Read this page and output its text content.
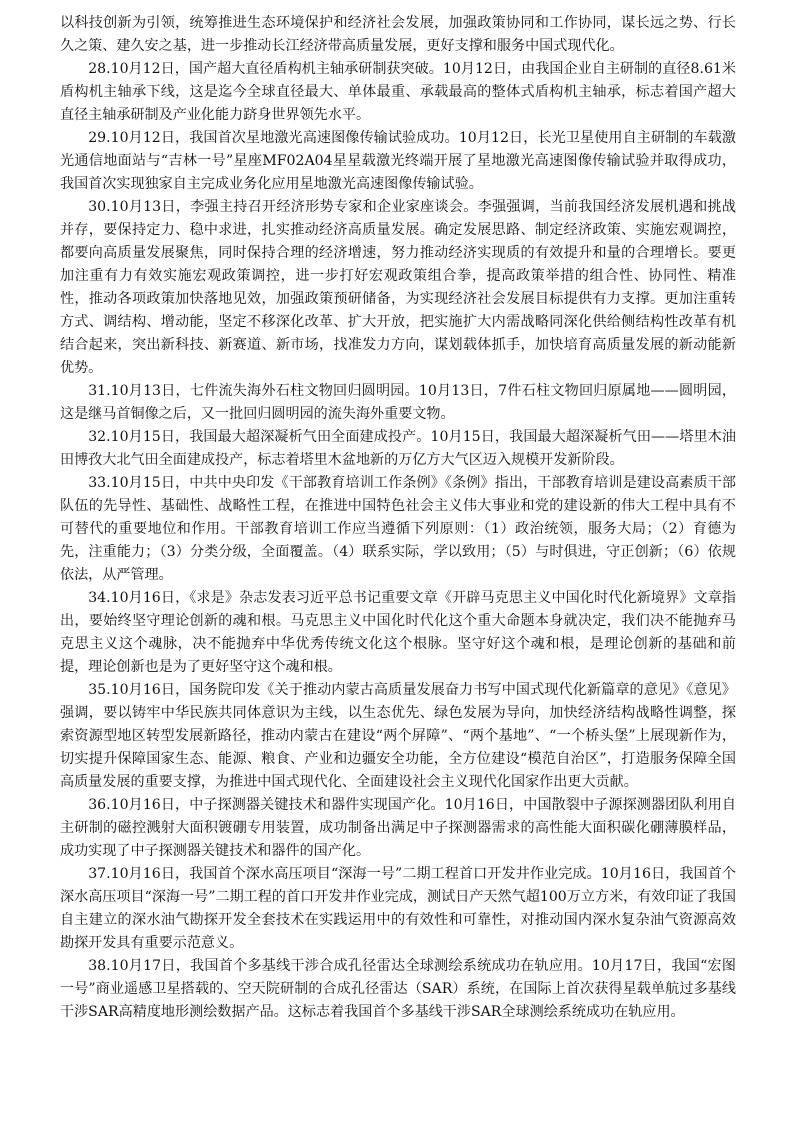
以科技创新为引领，统筹推进生态环境保护和经济社会发展，加强政策协同和工作协同，谋长远之势、行长久之策、建久安之基，进一步推动长江经济带高质量发展，更好支撑和服务中国式现代化。

28.10月12日，国产超大直径盾构机主轴承研制获突破。10月12日，由我国企业自主研制的直径8.61米盾构机主轴承下线，这是迄今全球直径最大、单体最重、承载最高的整体式盾构机主轴承，标志着国产超大直径主轴承研制及产业化能力跻身世界领先水平。

29.10月12日，我国首次星地激光高速图像传输试验成功。10月12日，长光卫星使用自主研制的车载激光通信地面站与“吉林一号”星座MF02A04星星载激光终端开展了星地激光高速图像传输试验并取得成功，我国首次实现独家自主完成业务化应用星地激光高速图像传输试验。

30.10月13日，李强主持召开经济形势专家和企业家座谈会。李强强调，当前我国经济发展机遇和挑战并存，要保持定力、稳中求进，扎实推动经济高质量发展。确定发展思路、制定经济政策、实施宏观调控，都要向高质量发展聚焦，同时保持合理的经济增速，努力推动经济实现质的有效提升和量的合理增长。要更加注重有力有效实施宏观政策调控，进一步打好宏观政策组合拳，提高政策举措的组合性、协同性、精准性，推动各项政策加快落地见效，加强政策预研储备，为实现经济社会发展目标提供有力支撑。更加注重转方式、调结构、增动能，坚定不移深化改革、扩大开放，把实施扩大内需战略同深化供给侧结构性改革有机结合起来，突出新科技、新赛道、新市场，找准发力方向，谋划载体抓手，加快培育高质量发展的新动能新优势。

31.10月13日，七件流失海外石柱文物回归圆明园。10月13日，7件石柱文物回归原属地——圆明园，这是继马首铜像之后，又一批回归圆明园的流失海外重要文物。

32.10月15日，我国最大超深凝析气田全面建成投产。10月15日，我国最大超深凝析气田——塔里木油田博孜大北气田全面建成投产，标志着塔里木盆地新的万亿方大气区迈入规模开发新阶段。

33.10月15日，中共中央印发《干部教育培训工作条例》《条例》指出，干部教育培训是建设高素质干部队伍的先导性、基础性、战略性工程，在推进中国特色社会主义伟大事业和党的建设新的伟大工程中具有不可替代的重要地位和作用。干部教育培训工作应当遵循下列原则：（1）政治统领，服务大局；（2）育德为先，注重能力；（3）分类分级，全面覆盖。（4）联系实际，学以致用；（5）与时俱进，守正创新；（6）依规依法，从严管理。

34.10月16日，《求是》杂志发表习近平总书记重要文章《开辟马克思主义中国化时代化新境界》文章指出，要始终坚守理论创新的魂和根。马克思主义中国化时代化这个重大命题本身就决定，我们决不能抛弃马克思主义这个魂脉，决不能抛弃中华优秀传统文化这个根脉。坚守好这个魂和根，是理论创新的基础和前提，理论创新也是为了更好坚守这个魂和根。

35.10月16日，国务院印发《关于推动内蒙古高质量发展奋力书写中国式现代化新篇章的意见》《意见》强调，要以铸牢中华民族共同体意识为主线，以生态优先、绿色发展为导向，加快经济结构战略性调整，探索资源型地区转型发展新路径，推动内蒙古在建设“两个屏障”、“两个基地”、“一个桥头堡”上展现新作为，切实提升保障国家生态、能源、粮食、产业和边疆安全功能，全方位建设“模范自治区”，打造服务保障全国高质量发展的重要支撑，为推进中国式现代化、全面建设社会主义现代化国家作出更大贡献。

36.10月16日，中子探测器关键技术和器件实现国产化。10月16日，中国散裂中子源探测器团队利用自主研制的磁控溅射大面积镀硼专用装置，成功制备出满足中子探测器需求的高性能大面积碳化硼薄膜样品，成功实现了中子探测器关键技术和器件的国产化。

37.10月16日，我国首个深水高压项目“深海一号”二期工程首口开发井作业完成。10月16日，我国首个深水高压项目“深海一号”二期工程的首口开发井作业完成，测试日产天然气超100万立方米，有效印证了我国自主建立的深水油气勘探开发全套技术在实践运用中的有效性和可靠性，对推动国内深水复杂油气资源高效勘探开发具有重要示范意义。

38.10月17日，我国首个多基线干涉合成孔径雷达全球测绘系统成功在轨应用。10月17日，我国“宏图一号”商业遥感卫星搭载的、空天院研制的合成孔径雷达（SAR）系统，在国际上首次获得星载单航过多基线干涉SAR高精度地形测绘数据产品。这标志着我国首个多基线干涉SAR全球测绘系统成功在轨应用。
